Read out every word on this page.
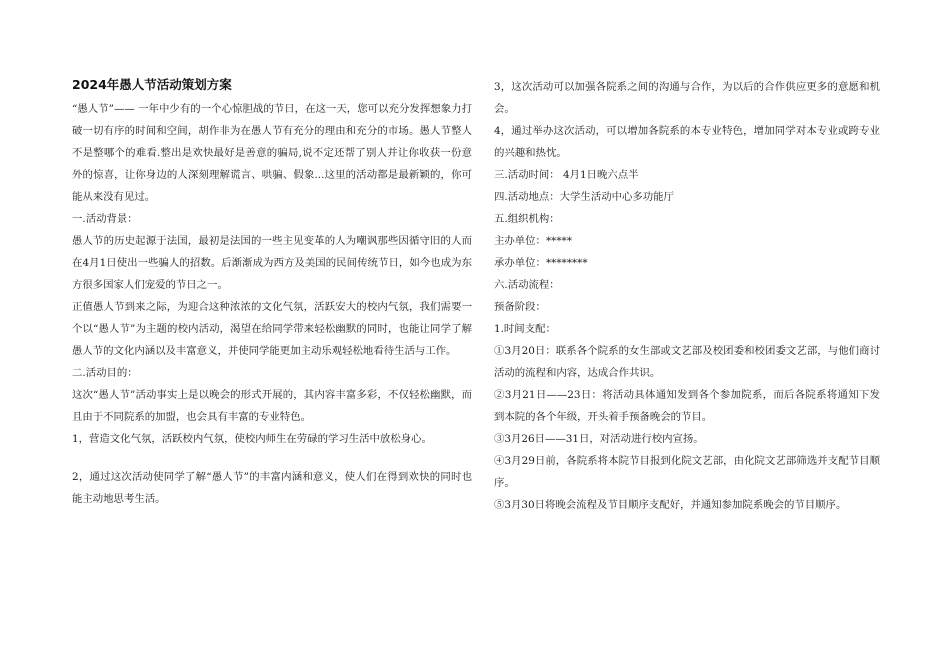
2024年愚人节活动策划方案

“愚人节”—— 一年中少有的一个心惊胆战的节日，在这一天，您可以充分发挥想象力打破一切有序的时间和空间，胡作非为在愚人节有充分的理由和充分的市场。愚人节整人不是整哪个的难看.整出是欢快最好是善意的骗局,说不定还帮了别人并让你收获一份意外的惊喜，让你身边的人深刻理解谎言、哄骗、假象...这里的活动都是最新颖的，你可能从来没有见过。

一.活动背景：

愚人节的历史起源于法国，最初是法国的一些主见变革的人为嘲讽那些因循守旧的人而在4月1日使出一些骗人的招数。后渐渐成为西方及美国的民间传统节日，如今也成为东方很多国家人们宠爱的节日之一。

正值愚人节到来之际，为迎合这种浓浓的文化气氛，活跃安大的校内气氛，我们需要一个以“愚人节”为主题的校内活动，渴望在给同学带来轻松幽默的同时，也能让同学了解愚人节的文化内涵以及丰富意义，并使同学能更加主动乐观轻松地看待生活与工作。

二.活动目的：

这次“愚人节”活动事实上是以晚会的形式开展的，其内容丰富多彩，不仅轻松幽默，而且由于不同院系的加盟，也会具有丰富的专业特色。

1，营造文化气氛，活跃校内气氛，使校内师生在劳碌的学习生活中放松身心。

2，通过这次活动使同学了解“愚人节”的丰富内涵和意义，使人们在得到欢快的同时也能主动地思考生活。

3，这次活动可以加强各院系之间的沟通与合作，为以后的合作供应更多的意愿和机会。

4，通过举办这次活动，可以增加各院系的本专业特色，增加同学对本专业或跨专业的兴趣和热忱。

三.活动时间： 4月1日晚六点半

四.活动地点：大学生活动中心多功能厅

五.组织机构：

主办单位：*****

承办单位：********

六.活动流程：

预备阶段：

1.时间支配：

①3月20日：联系各个院系的女生部或文艺部及校团委和校团委文艺部，与他们商讨活动的流程和内容，达成合作共识。

②3月21日——23日：将活动具体通知发到各个参加院系，而后各院系将通知下发到本院的各个年级，开头着手预备晚会的节目。

③3月26日——31日，对活动进行校内宣扬。

④3月29日前，各院系将本院节目报到化院文艺部，由化院文艺部筛选并支配节目顺序。

⑤3月30日将晚会流程及节目顺序支配好，并通知参加院系晚会的节目顺序。
